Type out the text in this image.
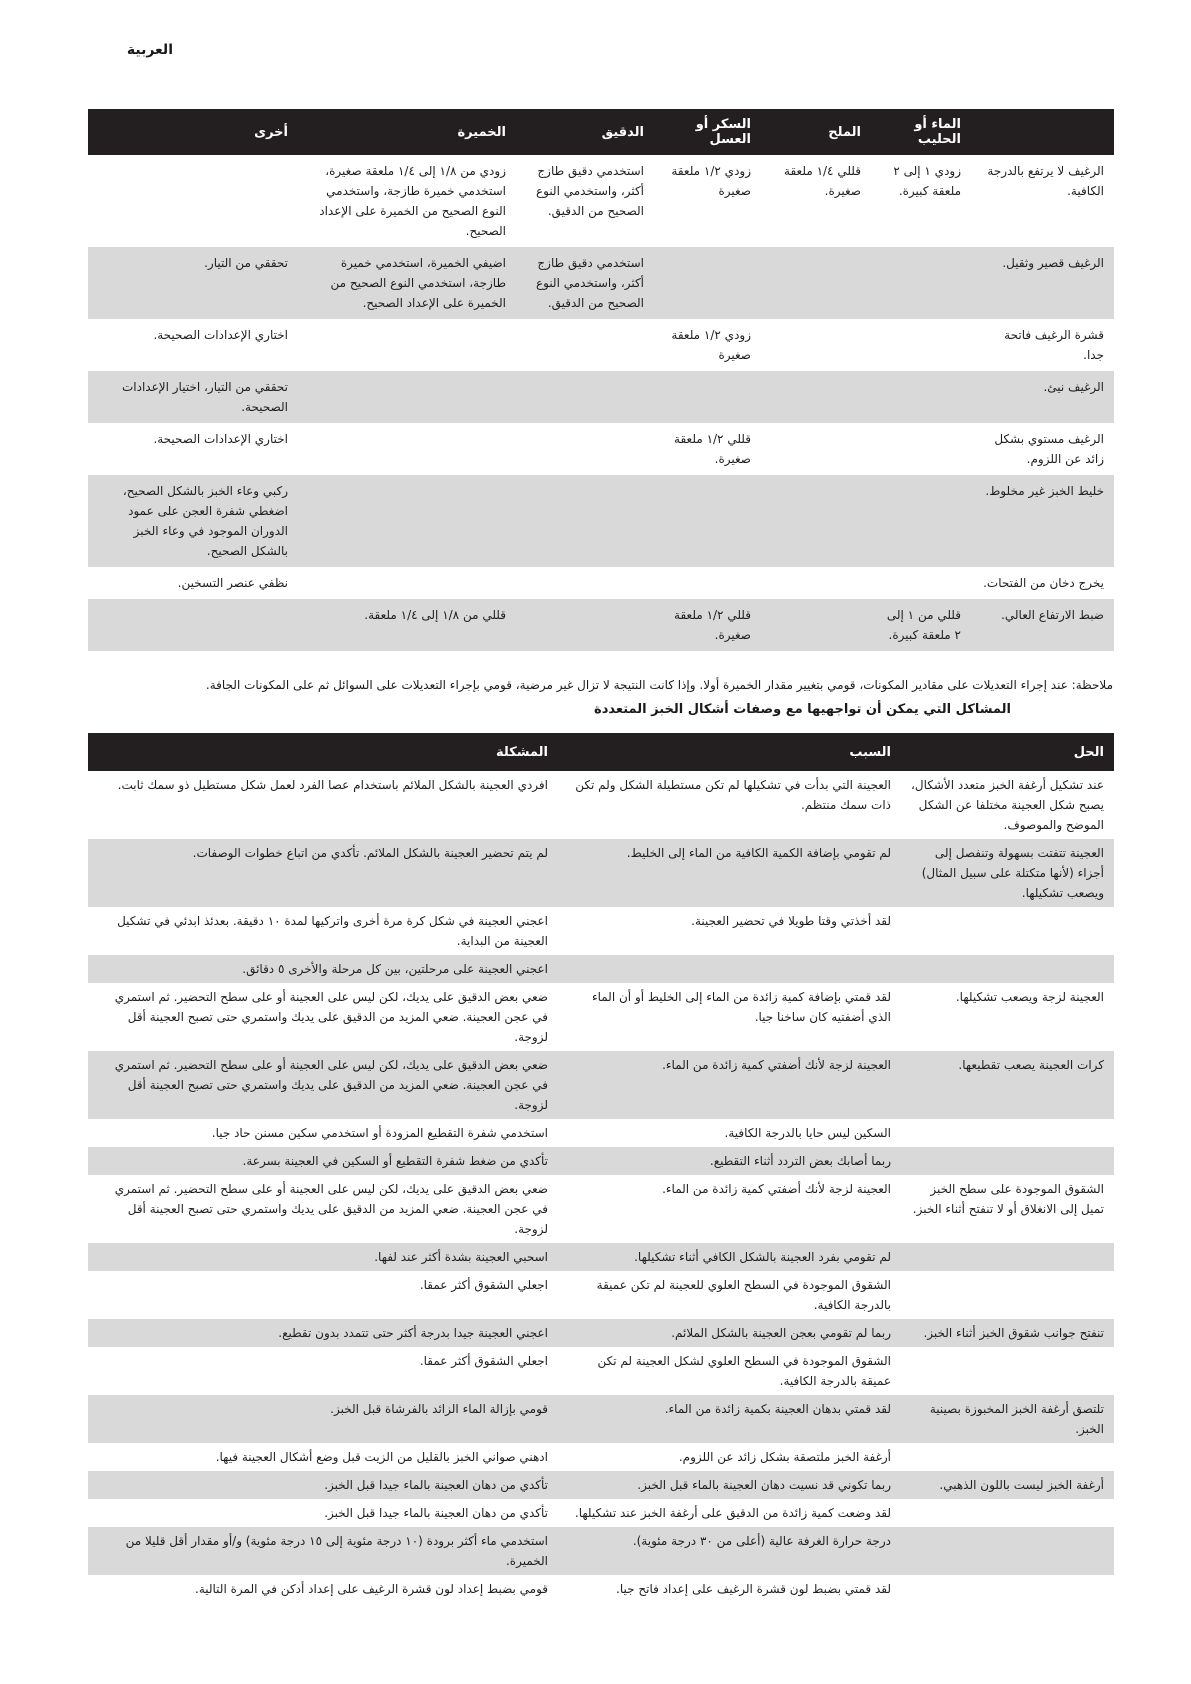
العربية
	الماء أو الحليب	الملح	السكر أو العسل	الدقيق	الخميرة	أخرى
الرغيف لا يرتفع بالدرجة الكافية.	زودي ١ إلى ٢ ملعقة كبيرة.	قللي ١/٤ ملعقة صغيرة.	زودي ١/٢ ملعقة صغيرة	استخدمي دقيق طازج أكثر، واستخدمي النوع الصحيح من الدقيق.	زودي من ١/٨ إلى ١/٤ ملعقة صغيرة، استخدمي خميرة طازجة، واستخدمي النوع الصحيح من الخميرة على الإعداد الصحيح.	
الرغيف قصير وثقيل.				استخدمي دقيق طازج أكثر، واستخدمي النوع الصحيح من الدقيق.	اضيفي الخميرة، استخدمي خميرة طازجة، استخدمي النوع الصحيح من الخميرة على الإعداد الصحيح.	تحققي من التيار.
قشرة الرغيف فاتحة جدا.			زودي ١/٢ ملعقة صغيرة			اختاري الإعدادات الصحيحة.
الرغيف نيئ.						تحققي من التيار، اختيار الإعدادات الصحيحة.
الرغيف مستوي بشكل زائد عن اللزوم.			قللي ١/٢ ملعقة صغيرة.			اختاري الإعدادات الصحيحة.
خليط الخبز غير مخلوط.						ركبي وعاء الخبز بالشكل الصحيح، اضغطي شفرة العجن على عمود الدوران الموجود في وعاء الخبز بالشكل الصحيح.
يخرج دخان من الفتحات.						نظفي عنصر التسخين.
ضبط الارتفاع العالي.	قللي من ١ إلى ٢ ملعقة كبيرة.		قللي ١/٢ ملعقة صغيرة.		قللي من ١/٨ إلى ١/٤ ملعقة.	

ملاحظة: عند إجراء التعديلات على مقادير المكونات، قومي بتغيير مقدار الخميرة أولا. وإذا كانت النتيجة لا تزال غير مرضية، قومي بإجراء التعديلات على السوائل ثم على المكونات الجافة.

المشاكل التي يمكن أن تواجهيها مع وصفات أشكال الخبز المتعددة
الحل	السبب	المشكلة
عند تشكيل أرغفة الخبز متعدد الأشكال، يصبح شكل العجينة مختلفا عن الشكل الموضح والموصوف.	العجينة التي بدأت في تشكيلها لم تكن مستطيلة الشكل ولم تكن ذات سمك منتظم.	افردي العجينة بالشكل الملائم باستخدام عصا الفرد لعمل شكل مستطيل ذو سمك ثابت.
العجينة تتفتت بسهولة وتنفصل إلى أجزاء (لأنها متكتلة على سبيل المثال) ويصعب تشكيلها.	لم تقومي بإضافة الكمية الكافية من الماء إلى الخليط.	لم يتم تحضير العجينة بالشكل الملائم. تأكدي من اتباع خطوات الوصفات.
	لقد أخذتي وقتا طويلا في تحضير العجينة.	اعجني العجينة في شكل كرة مرة أخرى واتركيها لمدة ١٠ دقيقة. بعدئذ ابدئي في تشكيل العجينة من البداية.
		اعجني العجينة على مرحلتين، بين كل مرحلة والأخرى ٥ دقائق.
العجينة لزجة ويصعب تشكيلها.	لقد قمتي بإضافة كمية زائدة من الماء إلى الخليط أو أن الماء الذي أضفتيه كان ساخنا جيا.	ضعي بعض الدقيق على يديك، لكن ليس على العجينة أو على سطح التحضير. ثم استمري في عجن العجينة. ضعي المزيد من الدقيق على يديك واستمري حتى تصبح العجينة أقل لزوجة.
كرات العجينة يصعب تقطيعها.	العجينة لزجة لأنك أضفتي كمية زائدة من الماء.	ضعي بعض الدقيق على يديك، لكن ليس على العجينة أو على سطح التحضير. ثم استمري في عجن العجينة. ضعي المزيد من الدقيق على يديك واستمري حتى تصبح العجينة أقل لزوجة.
	السكين ليس حايا بالدرجة الكافية.	استخدمي شفرة التقطيع المزودة أو استخدمي سكين مسنن حاد جيا.
	ربما أصابك بعض التردد أثناء التقطيع.	تأكدي من ضغط شفرة التقطيع أو السكين في العجينة بسرعة.
الشقوق الموجودة على سطح الخبز تميل إلى الانغلاق أو لا تنفتح أثناء الخبز.	العجينة لزجة لأنك أضفتي كمية زائدة من الماء.	ضعي بعض الدقيق على يديك، لكن ليس على العجينة أو على سطح التحضير. ثم استمري في عجن العجينة. ضعي المزيد من الدقيق على يديك واستمري حتى تصبح العجينة أقل لزوجة.
	لم تقومي بفرد العجينة بالشكل الكافي أثناء تشكيلها.	اسحبي العجينة بشدة أكثر عند لفها.
	الشقوق الموجودة في السطح العلوي للعجينة لم تكن عميقة بالدرجة الكافية.	اجعلي الشقوق أكثر عمقا.
تنفتح جوانب شقوق الخبز أثناء الخبز.	ربما لم تقومي بعجن العجينة بالشكل الملائم.	اعجني العجينة جيدا بدرجة أكثر حتى تتمدد بدون تقطيع.
	الشقوق الموجودة في السطح العلوي لشكل العجينة لم تكن عميقة بالدرجة الكافية.	اجعلي الشقوق أكثر عمقا.
تلتصق أرغفة الخبز المخبوزة بصينية الخبز.	لقد قمتي بدهان العجينة بكمية زائدة من الماء.	قومي بإزالة الماء الزائد بالفرشاة قبل الخبز.
	أرغفة الخبز ملتصقة بشكل زائد عن اللزوم.	ادهني صواني الخبز بالقليل من الزيت قبل وضع أشكال العجينة فيها.
أرغفة الخبز ليست باللون الذهبي.	ربما تكوني قد نسيت دهان العجينة بالماء قبل الخبز.	تأكدي من دهان العجينة بالماء جيدا قبل الخبز.
	لقد وضعت كمية زائدة من الدقيق على أرغفة الخبز عند تشكيلها.	تأكدي من دهان العجينة بالماء جيدا قبل الخبز.
	درجة حرارة الغرفة عالية (أعلى من ٣٠ درجة مئوية).	استخدمي ماء أكثر برودة (١٠ درجة مئوية إلى ١٥ درجة مئوية) و/أو مقدار أقل قليلا من الخميرة.
	لقد قمتي بضبط لون قشرة الرغيف على إعداد فاتح جيا.	قومي بضبط إعداد لون قشرة الرغيف على إعداد أدكن في المرة التالية.
